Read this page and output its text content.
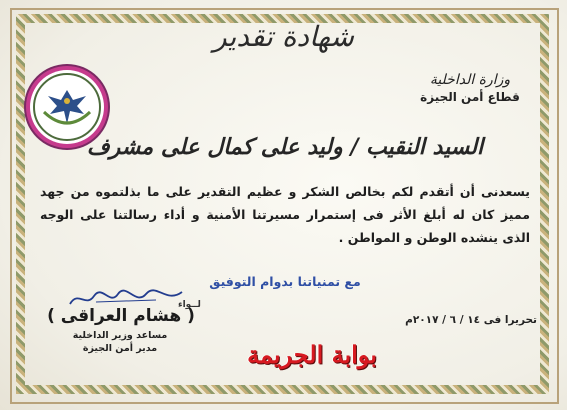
شهادة تقدير
وزارة الداخلية
قطاع أمن الجيزة
السيد النقيب / وليد على كمال على مشرف
يسعدنى أن أتقدم لكم بخالص الشكر و عظيم التقدير على ما بذلتموه من جهد مميز كان له أبلغ الأثر فى إستمرار مسيرتنا الأمنية و أداء رسالتنا على الوجه الذى ينشده الوطن و المواطن .
مع تمنياتنا بدوام التوفيق
لــواء
( هشام العراقى )
مساعد وزير الداخلية
مدير أمن الجيزة
تحريرا فى ١٤ / ٦ / ٢٠١٧م
بوابة الجريمة
